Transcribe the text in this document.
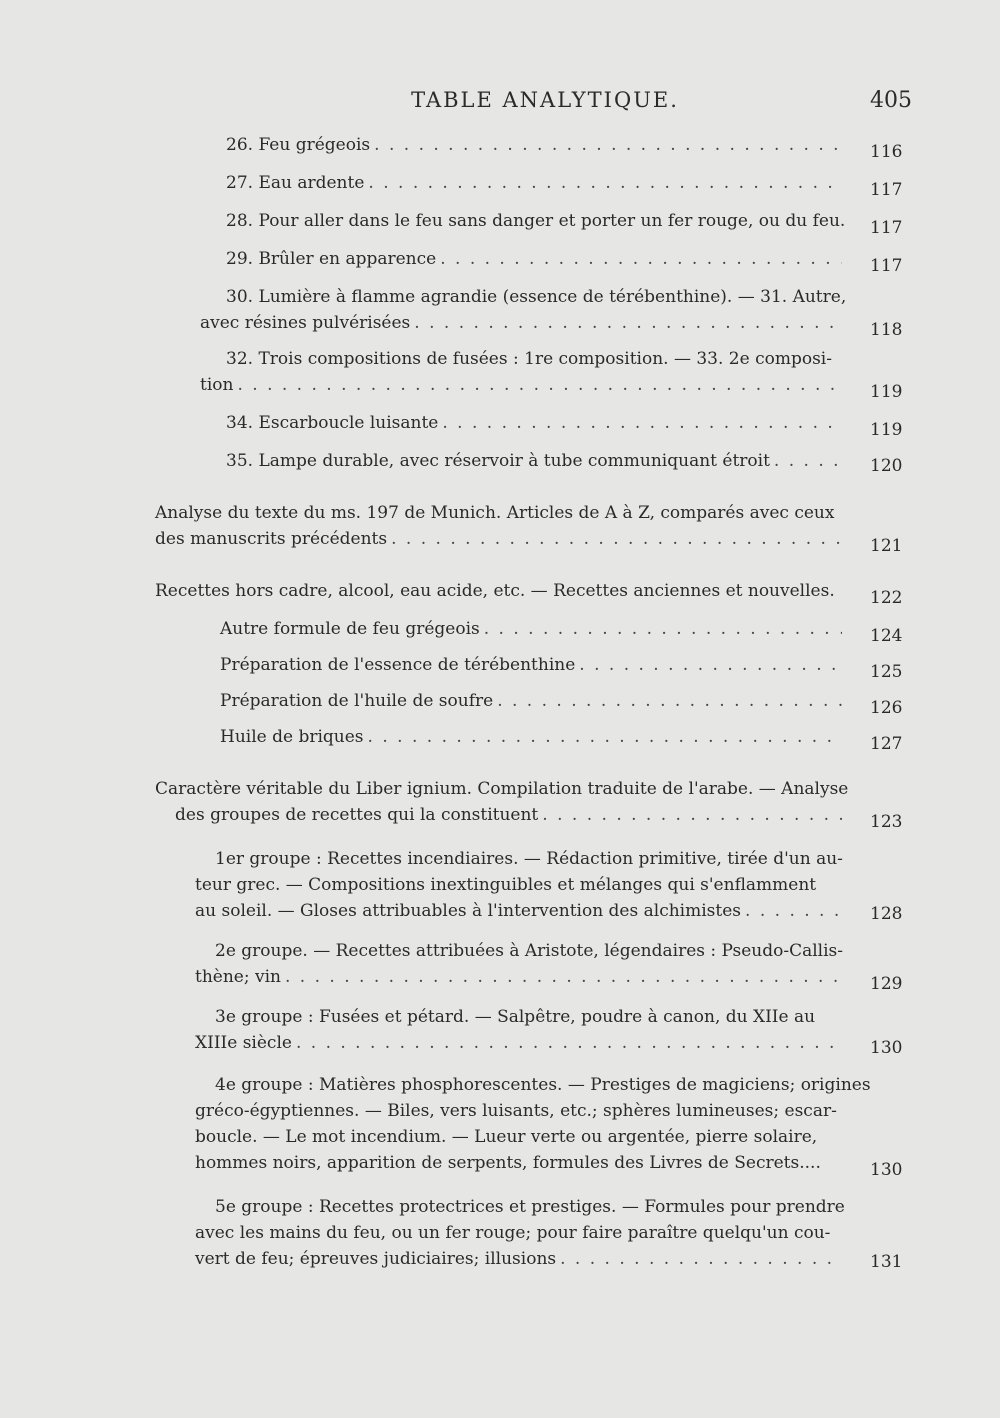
TABLE ANALYTIQUE.	405
26. Feu grégeois . . .	116
27. Eau ardente . . .	117
28. Pour aller dans le feu sans danger et porter un fer rouge, ou du feu. 117
29. Brûler en apparence . . .	117
30. Lumière à flamme agrandie (essence de térébenthine). — 31. Autre,
avec résines pulvérisées . . .	118
32. Trois compositions de fusées : 1re composition. — 33. 2e composi-
tion . . .	119
34. Escarboucle luisante . . .	119
35. Lampe durable, avec réservoir à tube communiquant étroit . . .	120
Analyse du texte du ms. 197 de Munich. Articles de A à Z, comparés avec ceux
des manuscrits précédents . . .	121
Recettes hors cadre, alcool, eau acide, etc. — Recettes anciennes et nouvelles. 122
Autre formule de feu grégeois . . .	124
Préparation de l'essence de térébenthine . . .	125
Préparation de l'huile de soufre . . .	126
Huile de briques . . .	127
Caractère véritable du Liber ignium. Compilation traduite de l'arabe. — Analyse
des groupes de recettes qui la constituent . . .	123
1er groupe : Recettes incendiaires. — Rédaction primitive, tirée d'un au-
teur grec. — Compositions inextinguibles et mélanges qui s'enflamment
au soleil. — Gloses attribuables à l'intervention des alchimistes . . .	128
2e groupe. — Recettes attribuées à Aristote, légendaires : Pseudo-Callis-
thène; vin . . .	129
3e groupe : Fusées et pétard. — Salpêtre, poudre à canon, du XIIe au
XIIIe siècle . . .	130
4e groupe : Matières phosphorescentes. — Prestiges de magiciens; origines
gréco-égyptiennes. — Biles, vers luisants, etc.; sphères lumineuses; escar-
boucle. — Le mot incendium. — Lueur verte ou argentée, pierre solaire,
hommes noirs, apparition de serpents, formules des Livres de Secrets....	130
5e groupe : Recettes protectrices et prestiges. — Formules pour prendre
avec les mains du feu, ou un fer rouge; pour faire paraître quelqu'un cou-
vert de feu; épreuves judiciaires; illusions . . .	131
